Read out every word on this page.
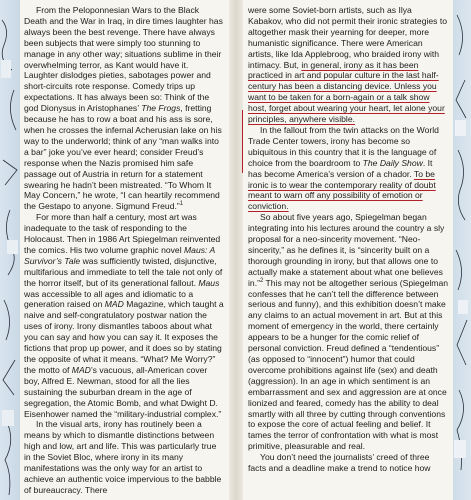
From the Peloponnesian Wars to the Black Death and the War in Iraq, in dire times laughter has always been the best revenge. There have always been subjects that were simply too stunning to manage in any other way; situations sublime in their overwhelming terror, as Kant would have it. Laughter dislodges pieties, sabotages power and short-circuits rote response. Comedy trips up expectations. It has always been so: Think of the god Dionysus in Aristophanes’ The Frogs, fretting because he has to row a boat and his ass is sore, when he crosses the infernal Acherusian lake on his way to the underworld; think of any “man walks into a bar” joke you’ve ever heard; consider Freud’s response when the Nazis promised him safe passage out of Austria in return for a statement swearing he hadn’t been mistreated. “To Whom It May Concern,” he wrote, “I can heartily recommend the Gestapo to anyone. Sigmund Freud.”$^1$

For more than half a century, most art was inadequate to the task of responding to the Holocaust. Then in 1986 Art Spiegelman reinvented the comics. His two volume graphic novel Maus: A Survivor’s Tale was sufficiently twisted, disjunctive, multifarious and immediate to tell the tale not only of the horror itself, but of its generational fallout. Maus was accessible to all ages and idiomatic to a generation raised on MAD Magazine, which taught a naive and self-congratulatory postwar nation the uses of irony. Irony dismantles taboos about what you can say and how you can say it. It exposes the fictions that prop up power, and it does so by stating the opposite of what it means. “What? Me Worry?” the motto of MAD’s vacuous, all-American cover boy, Alfred E. Newman, stood for all the lies sustaining the suburban dream in the age of segregation, the Atomic Bomb, and what Dwight D. Eisenhower named the “military-industrial complex.”

In the visual arts, irony has routinely been a means by which to dismantle distinctions between high and low, art and life. This was particularly true in the Soviet Bloc, where irony in its many manifestations was the only way for an artist to achieve an authentic voice impervious to the babble of bureaucracy. There

were some Soviet-born artists, such as Ilya Kabakov, who did not permit their ironic strategies to altogether mask their yearning for deeper, more humanistic significance. There were American artists, like Ida Applebroog, who braided irony with intimacy. But, in general, irony as it has been practiced in art and popular culture in the last half-century has been a distancing device. Unless you want to be taken for a born-again or a talk show host, forget about wearing your heart, let alone your principles, anywhere visible.

In the fallout from the twin attacks on the World Trade Center towers, irony has become so ubiquitous in this country that it is the language of choice from the boardroom to The Daily Show. It has become America’s version of a chador. To be ironic is to wear the contemporary reality of doubt meant to warn off any possibility of emotion or conviction.

So about five years ago, Spiegelman began integrating into his lectures around the country a sly proposal for a neo-sincerity movement. “Neo-sincerity,” as he defines it, is “sincerity built on a thorough grounding in irony, but that allows one to actually make a statement about what one believes in.”$^2$ This may not be altogether serious (Spiegelman confesses that he can’t tell the difference between serious and funny), and this exhibition doesn’t make any claims to an actual movement in art. But at this moment of emergency in the world, there certainly appears to be a hunger for the comic relief of personal conviction. Freud defined a “tendentious” (as opposed to “innocent”) humor that could overcome prohibitions against life (sex) and death (aggression). In an age in which sentiment is an embarrassment and sex and aggression are at once lionized and feared, comedy has the ability to deal smartly with all three by cutting through conventions to expose the core of actual feeling and belief. It tames the terror of confrontation with what is most primitive, pleasurable and real.

You don’t need the journalists’ creed of three facts and a deadline make a trend to notice how
